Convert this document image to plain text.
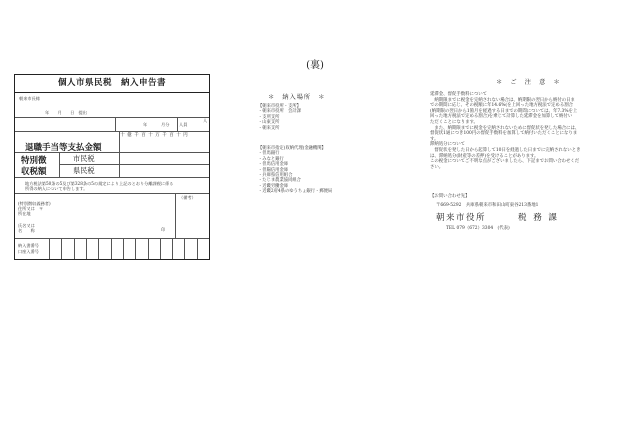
(裏)
個人市県民税　納入申告書
朝来市長様
年　　月　　日　提出
年	月分 人員
人
十 億 千 百 十 万 千 百 十 円
退職手当等支払金額
特別徴
収税額
市民税
県民税
地方税法第50条の5及び第328条の5の規定により上記のとおり分離課税に係る
所得の納入について申告します。
（備考）
(特別徴収義務者)
住所又は　〒
所在地
氏名又は
名　　称	印
納入書番号
口座入番号
＊　納入場所　＊
【朝来市役所・支所】
・朝来市役所　会計課
・支所支所
・山東支所
・朝来支所
【朝来市指定(収納代理)金融機関】
・但馬銀行
・みなと銀行
・但馬信用金庫
・但陽信用金庫
・兵庫県信用組合
・たじま農業協同組合
・近畿労働金庫
・近畿2府4県のゆうちょ銀行・郵便局
＊　ご　注　意　＊

延滞金、督促手数料について

　納期限までに税金を完納されない場合は、納期限の翌日から納付の日ま

での期間に応じ、その税額に年14.6%(を上回った地方税法で定める割合

(納期限の翌日から1箇月を経過する日までの期間については、年7.3%を上

回った地方税法で定める割合)を乗じて計算した延滞金を加算して納付い

ただくことになります。

　また、納期限までに税金を完納されないために督促状を発した場合には、

督促状1通につき100円の督促手数料を加算して納付いただくことになりま

す。

滞納処分について

　督促状を発した日から起算して10日を経過した日までに完納されないとき

は、滞納処分(財産等の差押)を受けることがあります。

この税金についてご不明な点がございましたら、下記までお問い合わせくだ

さい。

【お問い合わせ先】
〒669-5292　兵庫県朝来市和田山町東谷213番地1
朝来市役所	税 務 課
TEL 079（672）3304　(代表)
